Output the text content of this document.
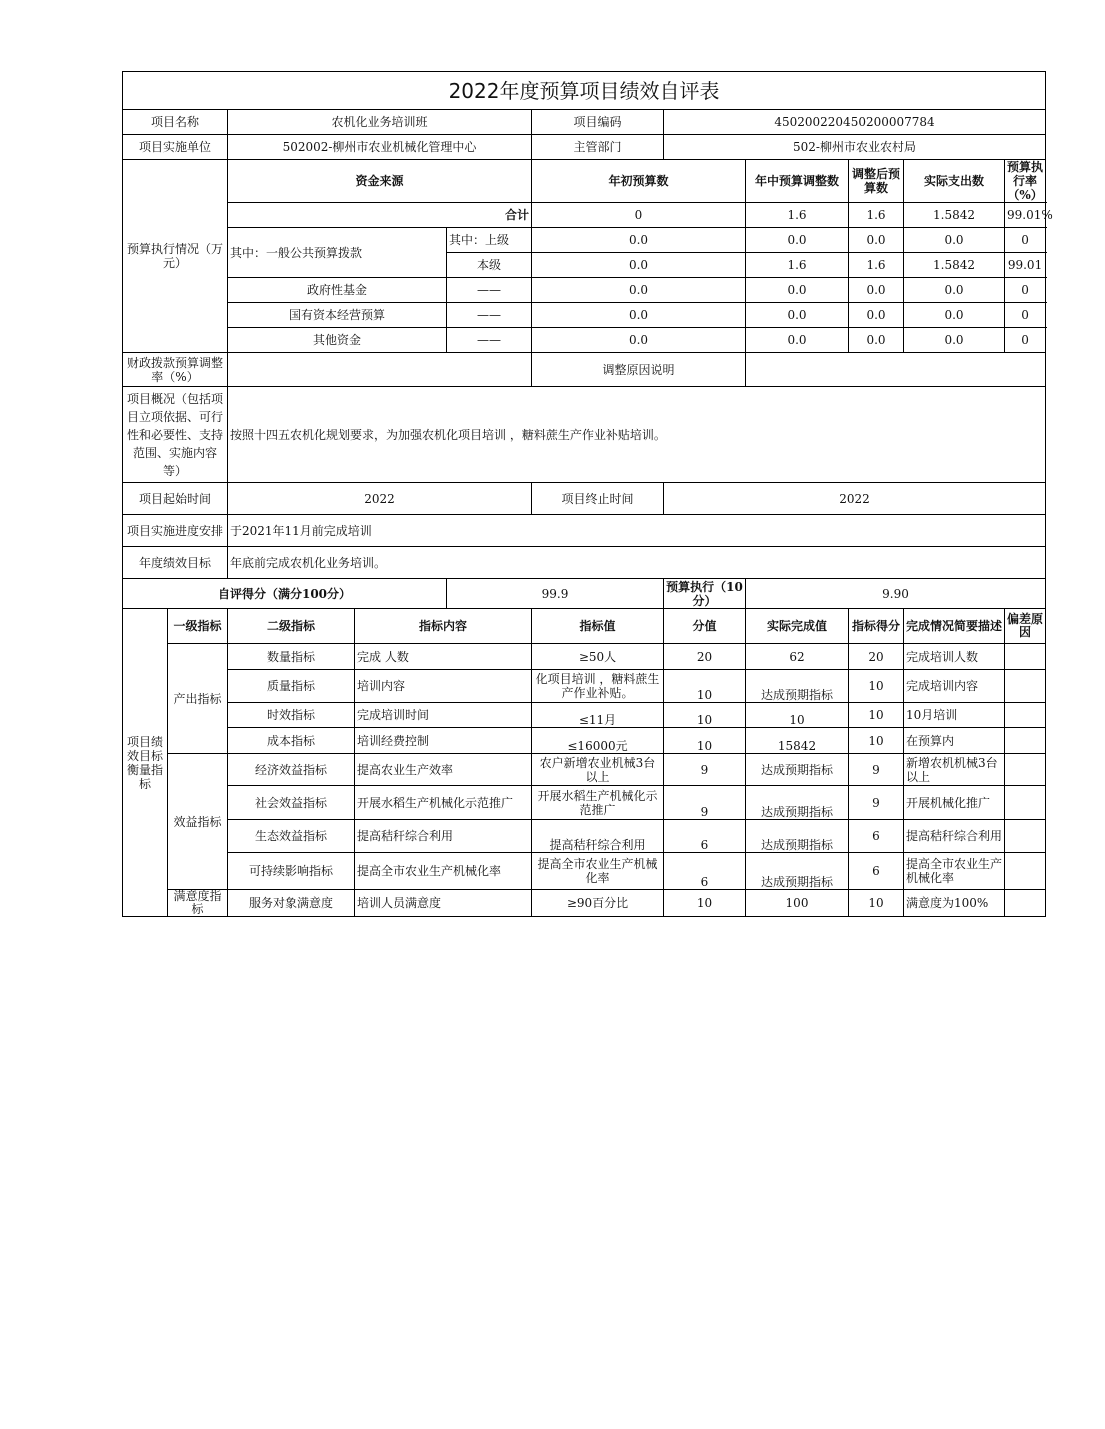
2022年度预算项目绩效自评表										
项目名称		农机化业务培训班			项目编码	450200220450200007784				
项目实施单位		502002-柳州市农业机械化管理中心			主管部门	502-柳州市农业农村局				
预算执行情况（万元）		资金来源			年初预算数		年中预算调整数	调整后预算数	实际支出数	预算执行率（%）
		合计			0		1.6	1.6	1.5842	99.01%
		其中：一般公共预算拨款		其中：上级	0.0		0.0	0.0	0.0	0
				本级	0.0		1.6	1.6	1.5842	99.01
		政府性基金		——	0.0		0.0	0.0	0.0	0
		国有资本经营预算		——	0.0		0.0	0.0	0.0	0
		其他资金		——	0.0		0.0	0.0	0.0	0
财政拨款预算调整率（%）					调整原因说明					
项目概况（包括项目立项依据、可行性和必要性、支持范围、实施内容等）		按照十四五农机化规划要求，为加强农机化项目培训 ，糖料蔗生产作业补贴培训。								
项目起始时间		2022			项目终止时间	2022				
项目实施进度安排		于2021年11月前完成培训								
年度绩效目标		年底前完成农机化业务培训。								
自评得分（满分100分）				99.9		预算执行（10分）	9.90			
项目绩效目标衡量指标	一级指标	二级指标	指标内容		指标值	分值	实际完成值	指标得分	完成情况简要描述	偏差原因
	产出指标	数量指标	完成 人数		≥50人	20	62	20	完成培训人数	
		质量指标	培训内容		化项目培训 ，糖料蔗生产作业补贴。	10	达成预期指标	10	完成培训内容	
		时效指标	完成培训时间		≤11月	10	10	10	10月培训	
		成本指标	培训经费控制		≤16000元	10	15842	10	在预算内	
	效益指标	经济效益指标	提高农业生产效率		农户新增农业机械3台以上	9	达成预期指标	9	新增农机机械3台以上	
		社会效益指标	开展水稻生产机械化示范推广		开展水稻生产机械化示范推广	9	达成预期指标	9	开展机械化推广	
		生态效益指标	提高秸秆综合利用		提高秸秆综合利用	6	达成预期指标	6	提高秸秆综合利用	
		可持续影响指标	提高全市农业生产机械化率		提高全市农业生产机械化率	6	达成预期指标	6	提高全市农业生产机械化率	
	满意度指标	服务对象满意度	培训人员满意度		≥90百分比	10	100	10	满意度为100%	
